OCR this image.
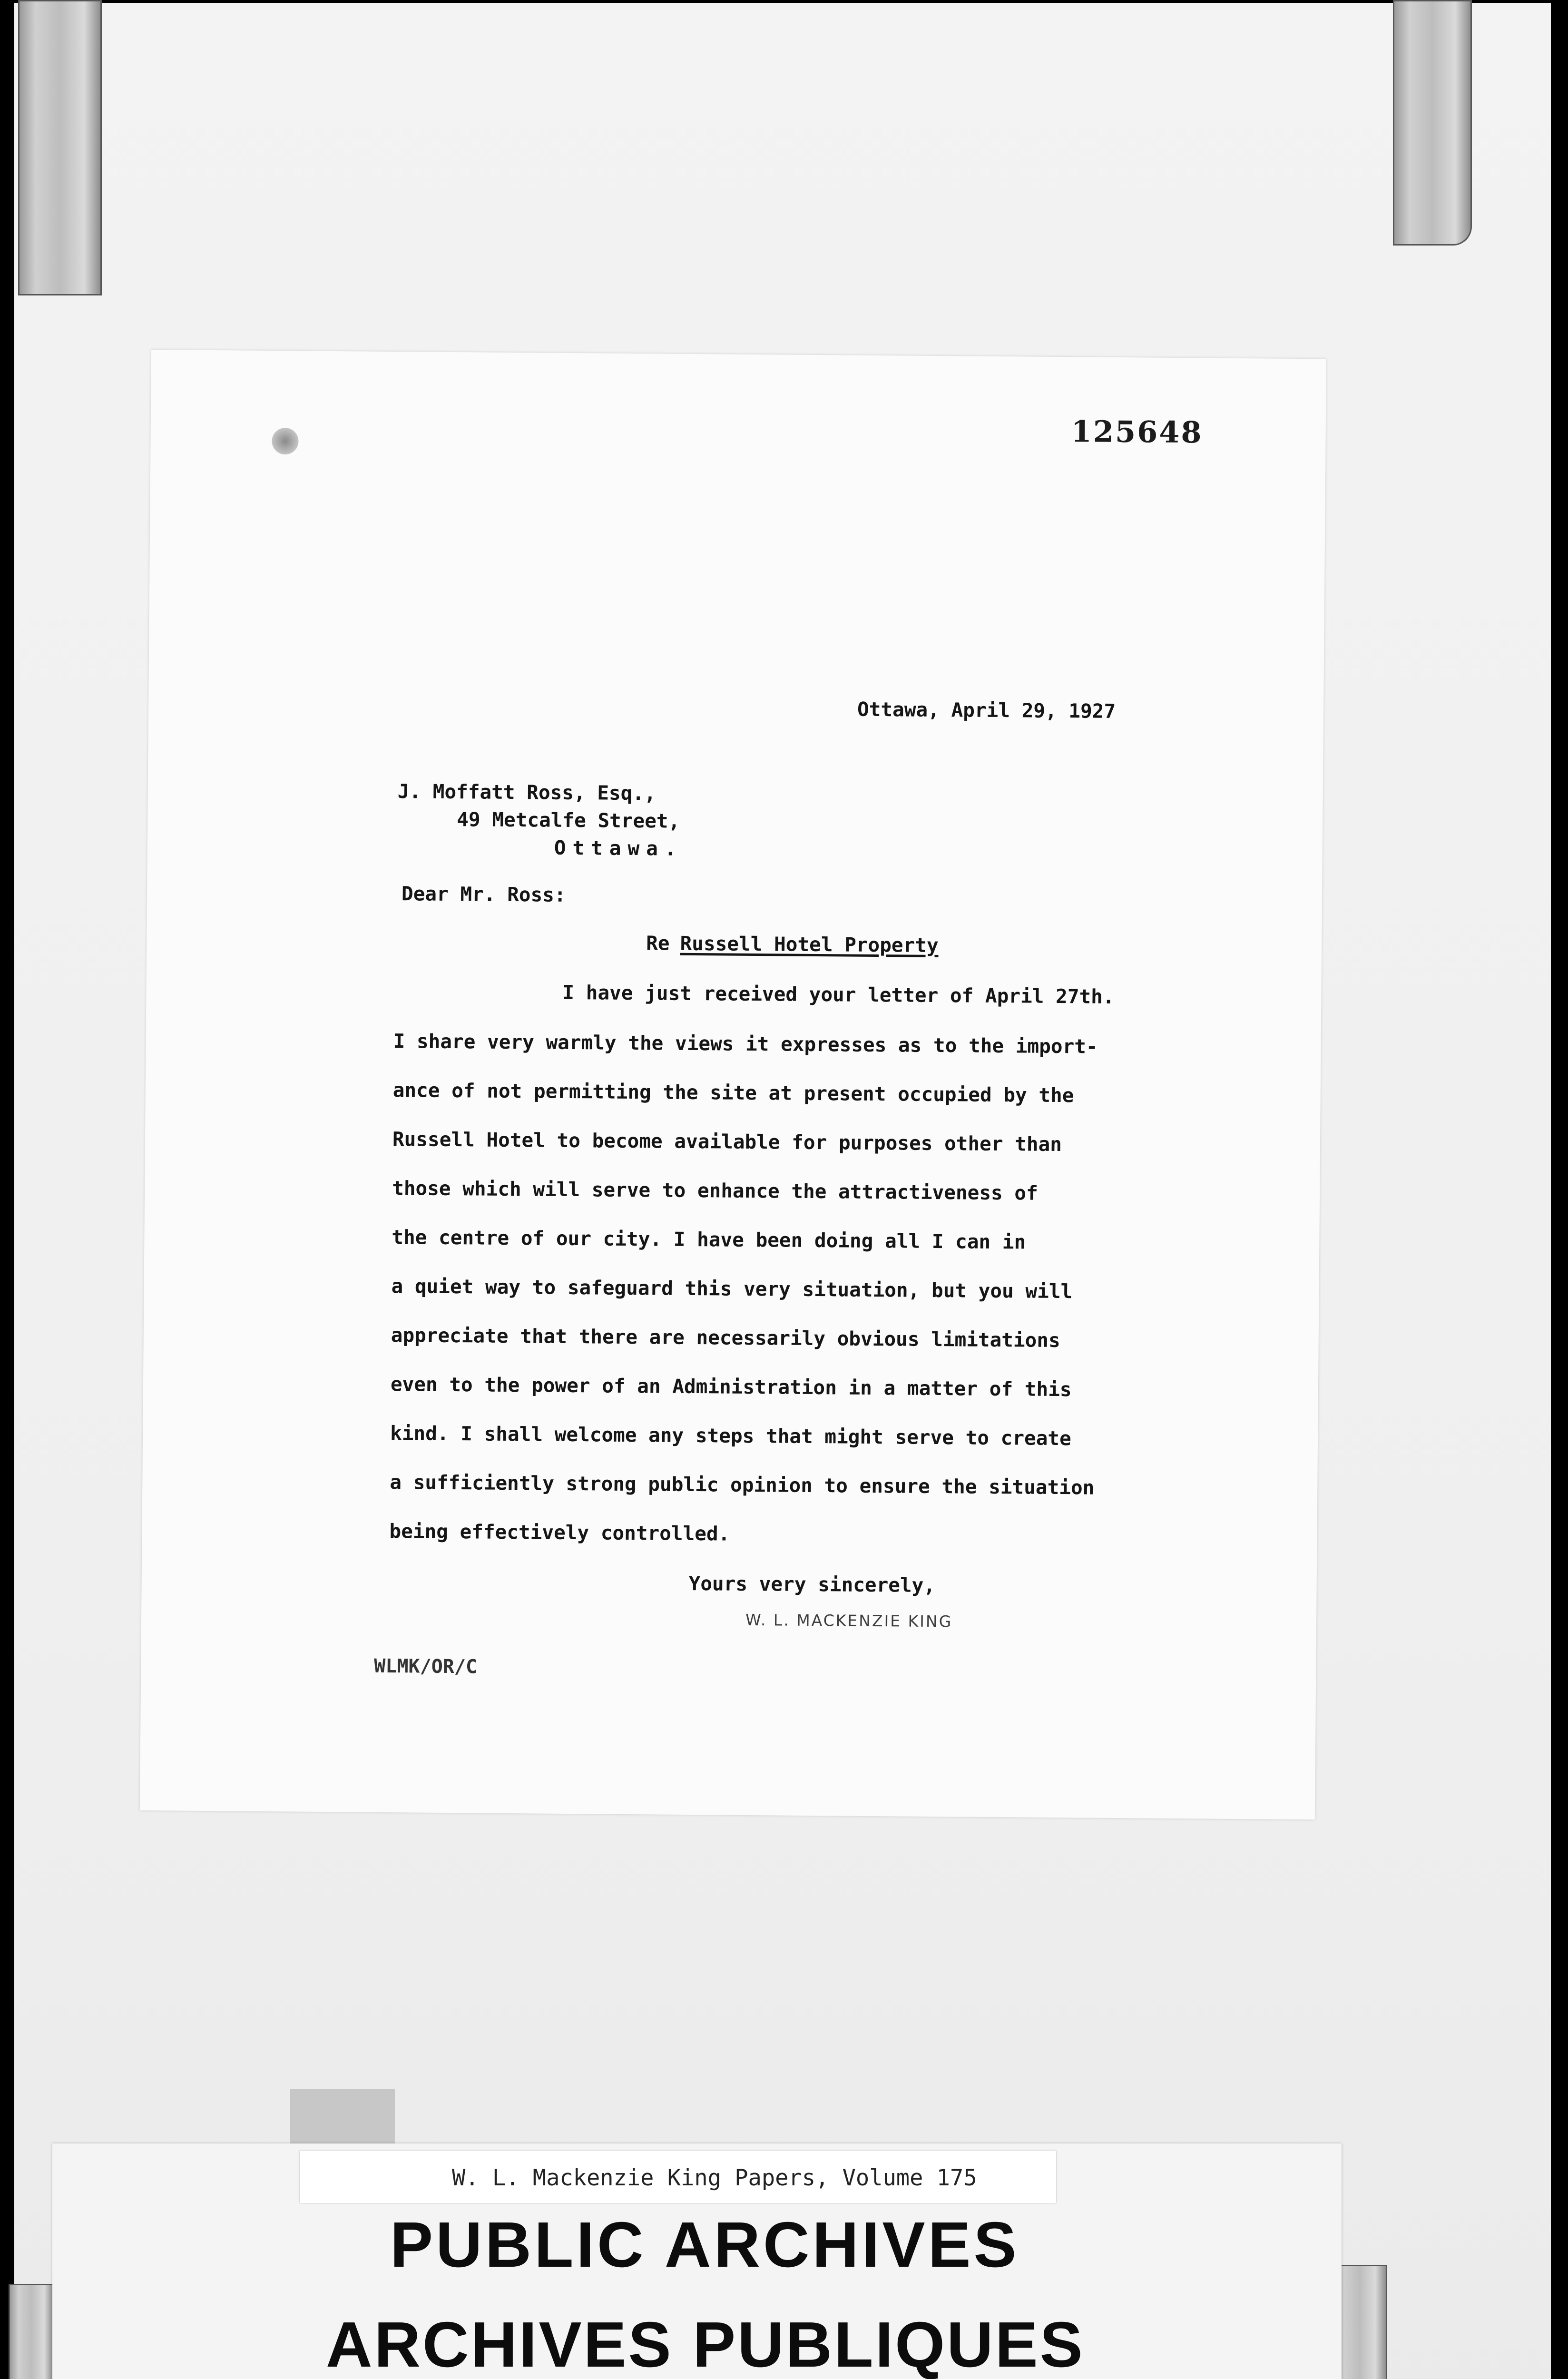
125648
Ottawa, April 29, 1927
J. Moffatt Ross, Esq.,
49 Metcalfe Street,
Ottawa.
Dear Mr. Ross:
Re Russell Hotel Property
I have just received your letter of April 27th.
I share very warmly the views it expresses as to the import-
ance of not permitting the site at present occupied by the
Russell Hotel to become available for purposes other than
those which will serve to enhance the attractiveness of
the centre of our city. I have been doing all I can in
a quiet way to safeguard this very situation, but you will
appreciate that there are necessarily obvious limitations
even to the power of an Administration in a matter of this
kind. I shall welcome any steps that might serve to create
a sufficiently strong public opinion to ensure the situation
being effectively controlled.
Yours very sincerely,
W. L. MACKENZIE KING
WLMK/OR/C
W. L. Mackenzie King Papers, Volume 175
PUBLIC ARCHIVES
ARCHIVES PUBLIQUES
